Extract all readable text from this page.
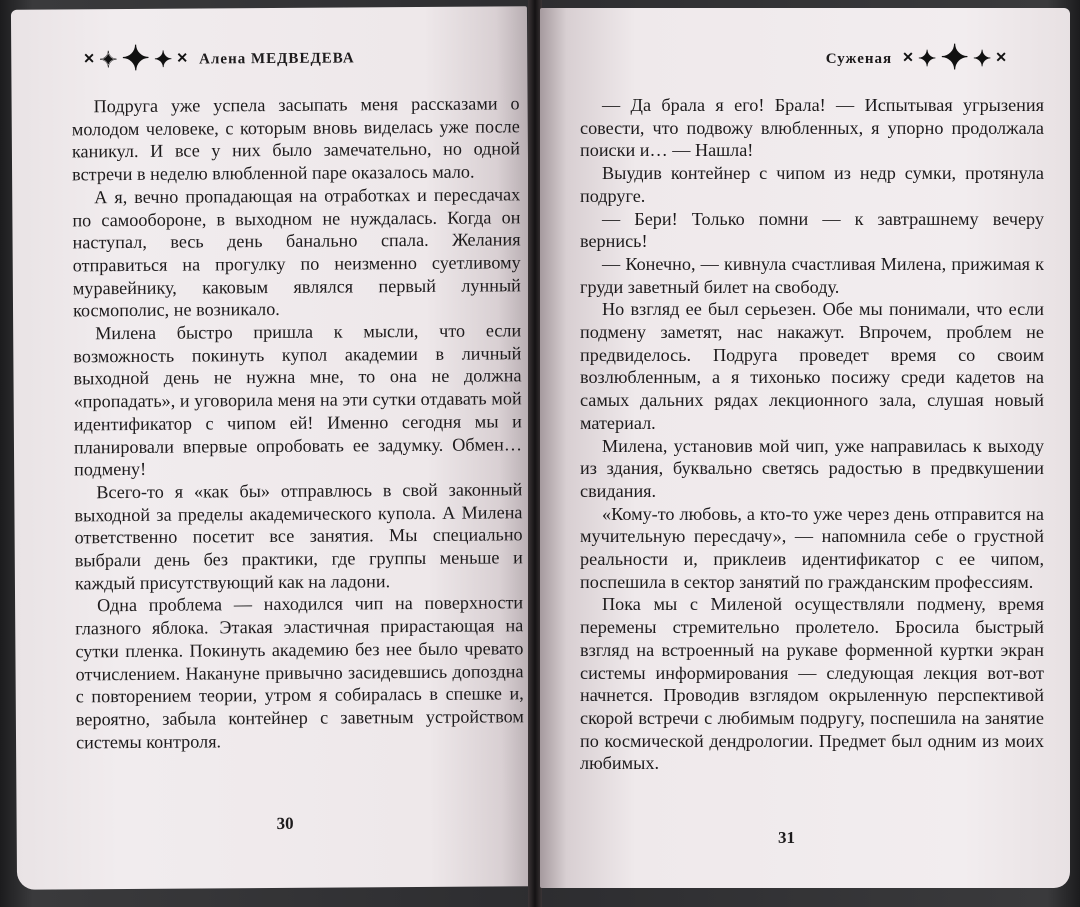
✕ ✦ ✦ ✦ ✕ Алена МЕДВЕДЕВА

Подруга уже успела засыпать меня рассказами о молодом человеке, с которым вновь виделась уже после каникул. И все у них было замечательно, но одной встречи в неделю влюбленной паре оказалось мало.

А я, вечно пропадающая на отработках и пересдачах по самообороне, в выходном не нуждалась. Когда он наступал, весь день банально спала. Желания отправиться на прогулку по неизменно суетливому муравейнику, каковым являлся первый лунный космополис, не возникало.

Милена быстро пришла к мысли, что если возможность покинуть купол академии в личный выходной день не нужна мне, то она не должна «пропадать», и уговорила меня на эти сутки отдавать мой идентификатор с чипом ей! Именно сегодня мы и планировали впервые опробовать ее задумку. Обмен… подмену!

Всего-то я «как бы» отправлюсь в свой законный выходной за пределы академического купола. А Милена ответственно посетит все занятия. Мы специально выбрали день без практики, где группы меньше и каждый присутствующий как на ладони.

Одна проблема — находился чип на поверхности глазного яблока. Этакая эластичная прирастающая на сутки пленка. Покинуть академию без нее было чревато отчислением. Накануне привычно засидевшись допоздна с повторением теории, утром я собиралась в спешке и, вероятно, забыла контейнер с заветным устройством системы контроля.

30
Суженая ✕ ✦ ✦ ✦ ✕

— Да брала я его! Брала! — Испытывая угрызения совести, что подвожу влюбленных, я упорно продолжала поиски и… — Нашла!

Выудив контейнер с чипом из недр сумки, протянула подруге.

— Бери! Только помни — к завтрашнему вечеру вернись!

— Конечно, — кивнула счастливая Милена, прижимая к груди заветный билет на свободу.

Но взгляд ее был серьезен. Обе мы понимали, что если подмену заметят, нас накажут. Впрочем, проблем не предвиделось. Подруга проведет время со своим возлюбленным, а я тихонько посижу среди кадетов на самых дальних рядах лекционного зала, слушая новый материал.

Милена, установив мой чип, уже направилась к выходу из здания, буквально светясь радостью в предвкушении свидания.

«Кому-то любовь, а кто-то уже через день отправится на мучительную пересдачу», — напомнила себе о грустной реальности и, приклеив идентификатор с ее чипом, поспешила в сектор занятий по гражданским профессиям.

Пока мы с Миленой осуществляли подмену, время перемены стремительно пролетело. Бросила быстрый взгляд на встроенный на рукаве форменной куртки экран системы информирования — следующая лекция вот-вот начнется. Проводив взглядом окрыленную перспективой скорой встречи с любимым подругу, поспешила на занятие по космической дендрологии. Предмет был одним из моих любимых.

31
